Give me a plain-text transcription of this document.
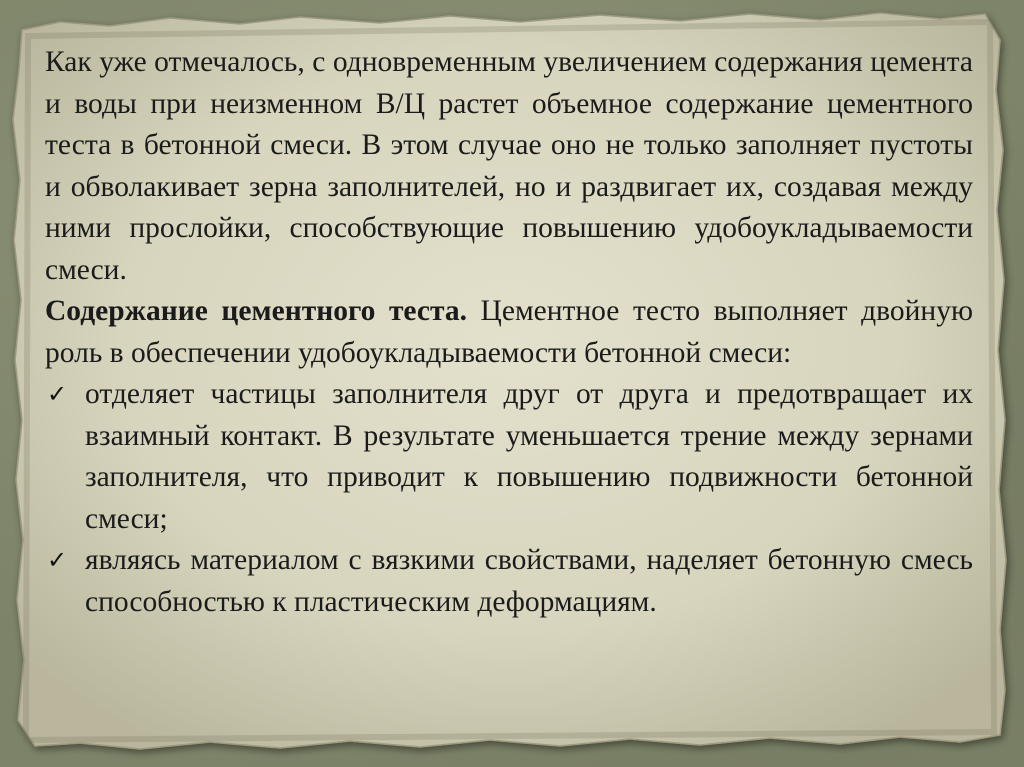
Как уже отмечалось, с одновременным увеличением содержания цемента и воды при неизменном В/Ц растет объемное содержание цементного теста в бетонной смеси. В этом случае оно не только заполняет пустоты и обволакивает зерна заполнителей, но и раздвигает их, создавая между ними прослойки, способствующие повышению удобоукладываемости смеси.

Содержание цементного теста. Цементное тесто выполняет двойную роль в обеспечении удобоукладываемости бетонной смеси:

✓ отделяет частицы заполнителя друг от друга и предотвращает их взаимный контакт. В результате уменьшается трение между зернами заполнителя, что приводит к повышению подвижности бетонной смеси;

✓ являясь материалом с вязкими свойствами, наделяет бетонную смесь способностью к пластическим деформациям.
